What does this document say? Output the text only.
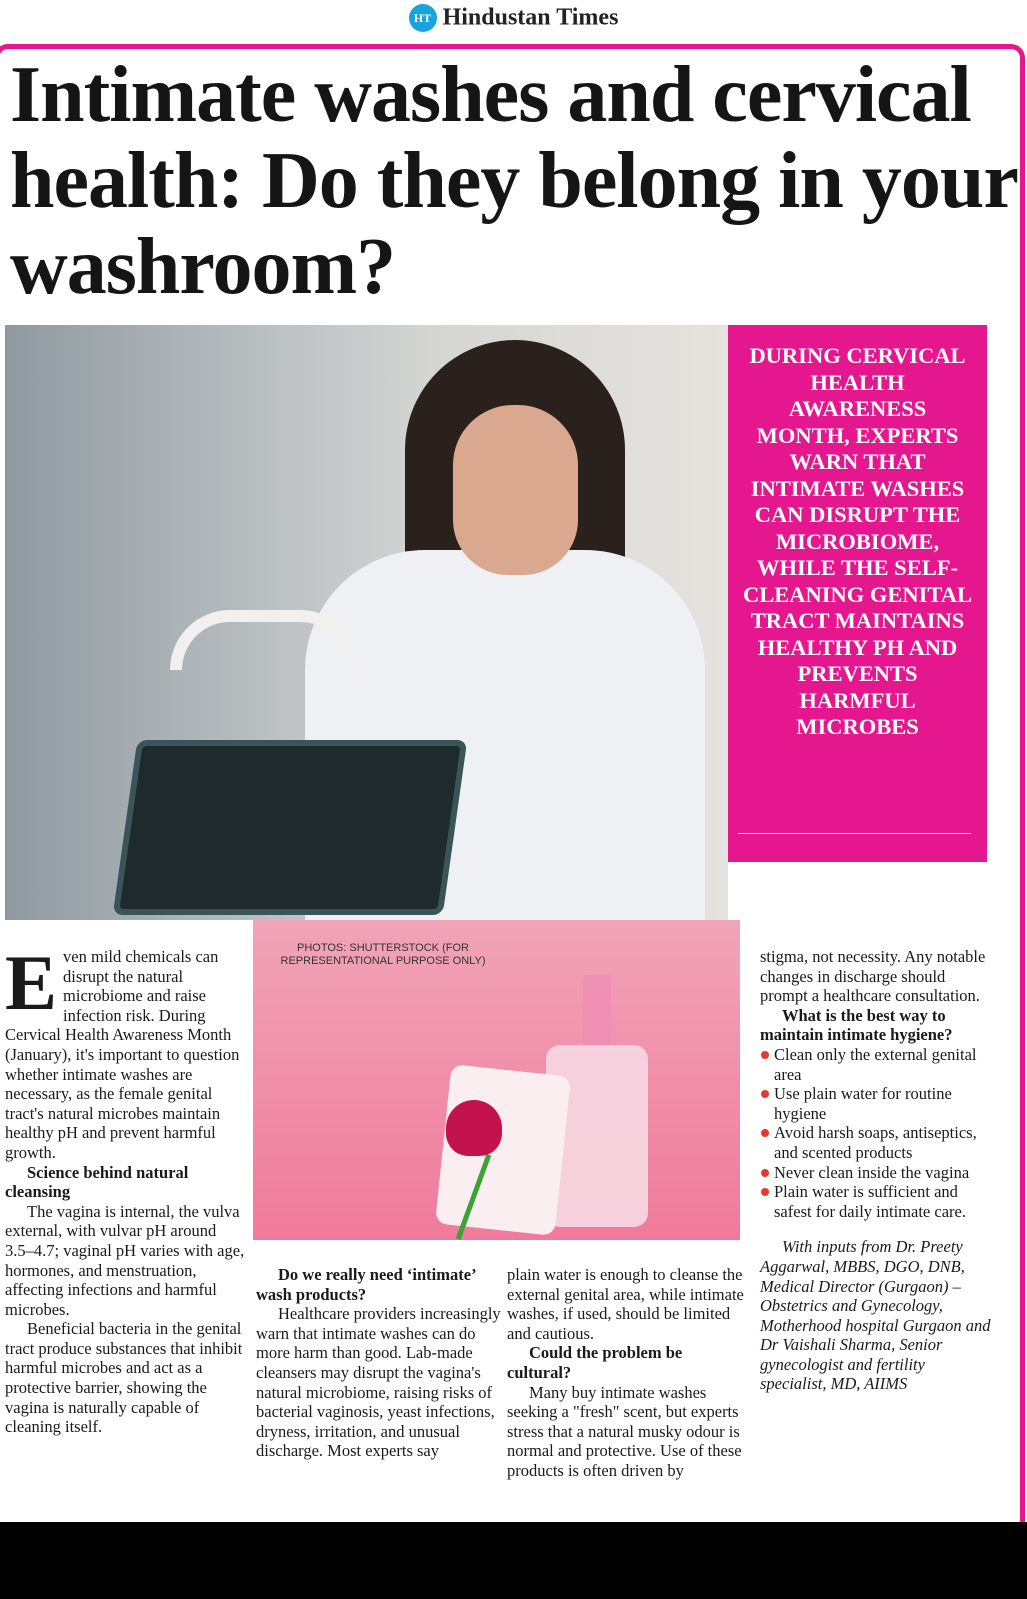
HT Hindustan Times
Intimate washes and cervical health: Do they belong in your washroom?
DURING CERVICAL HEALTH AWARENESS MONTH, EXPERTS WARN THAT INTIMATE WASHES CAN DISRUPT THE MICROBIOME, WHILE THE SELF-CLEANING GENITAL TRACT MAINTAINS HEALTHY PH AND PREVENTS HARMFUL MICROBES
PHOTOS: SHUTTERSTOCK (FOR REPRESENTATIONAL PURPOSE ONLY)

Even mild chemicals can disrupt the natural microbiome and raise infection risk. During Cervical Health Awareness Month (January), it's important to question whether intimate washes are necessary, as the female genital tract's natural microbes maintain healthy pH and prevent harmful growth.

Science behind natural cleansing

The vagina is internal, the vulva external, with vulvar pH around 3.5–4.7; vaginal pH varies with age, hormones, and menstruation, affecting infections and harmful microbes.

Beneficial bacteria in the genital tract produce substances that inhibit harmful microbes and act as a protective barrier, showing the vagina is naturally capable of cleaning itself.

Do we really need ‘intimate’ wash products?

Healthcare providers increasingly warn that intimate washes can do more harm than good. Lab-made cleansers may disrupt the vagina's natural microbiome, raising risks of bacterial vaginosis, yeast infections, dryness, irritation, and unusual discharge. Most experts say

plain water is enough to cleanse the external genital area, while intimate washes, if used, should be limited and cautious.

Could the problem be cultural?

Many buy intimate washes seeking a "fresh" scent, but experts stress that a natural musky odour is normal and protective. Use of these products is often driven by

stigma, not necessity. Any notable changes in discharge should prompt a healthcare consultation.

What is the best way to maintain intimate hygiene?
Clean only the external genital area
Use plain water for routine hygiene
Avoid harsh soaps, antiseptics, and scented products
Never clean inside the vagina
Plain water is sufficient and safest for daily intimate care.

With inputs from Dr. Preety Aggarwal, MBBS, DGO, DNB, Medical Director (Gurgaon) – Obstetrics and Gynecology, Motherhood hospital Gurgaon and Dr Vaishali Sharma, Senior gynecologist and fertility specialist, MD, AIIMS
